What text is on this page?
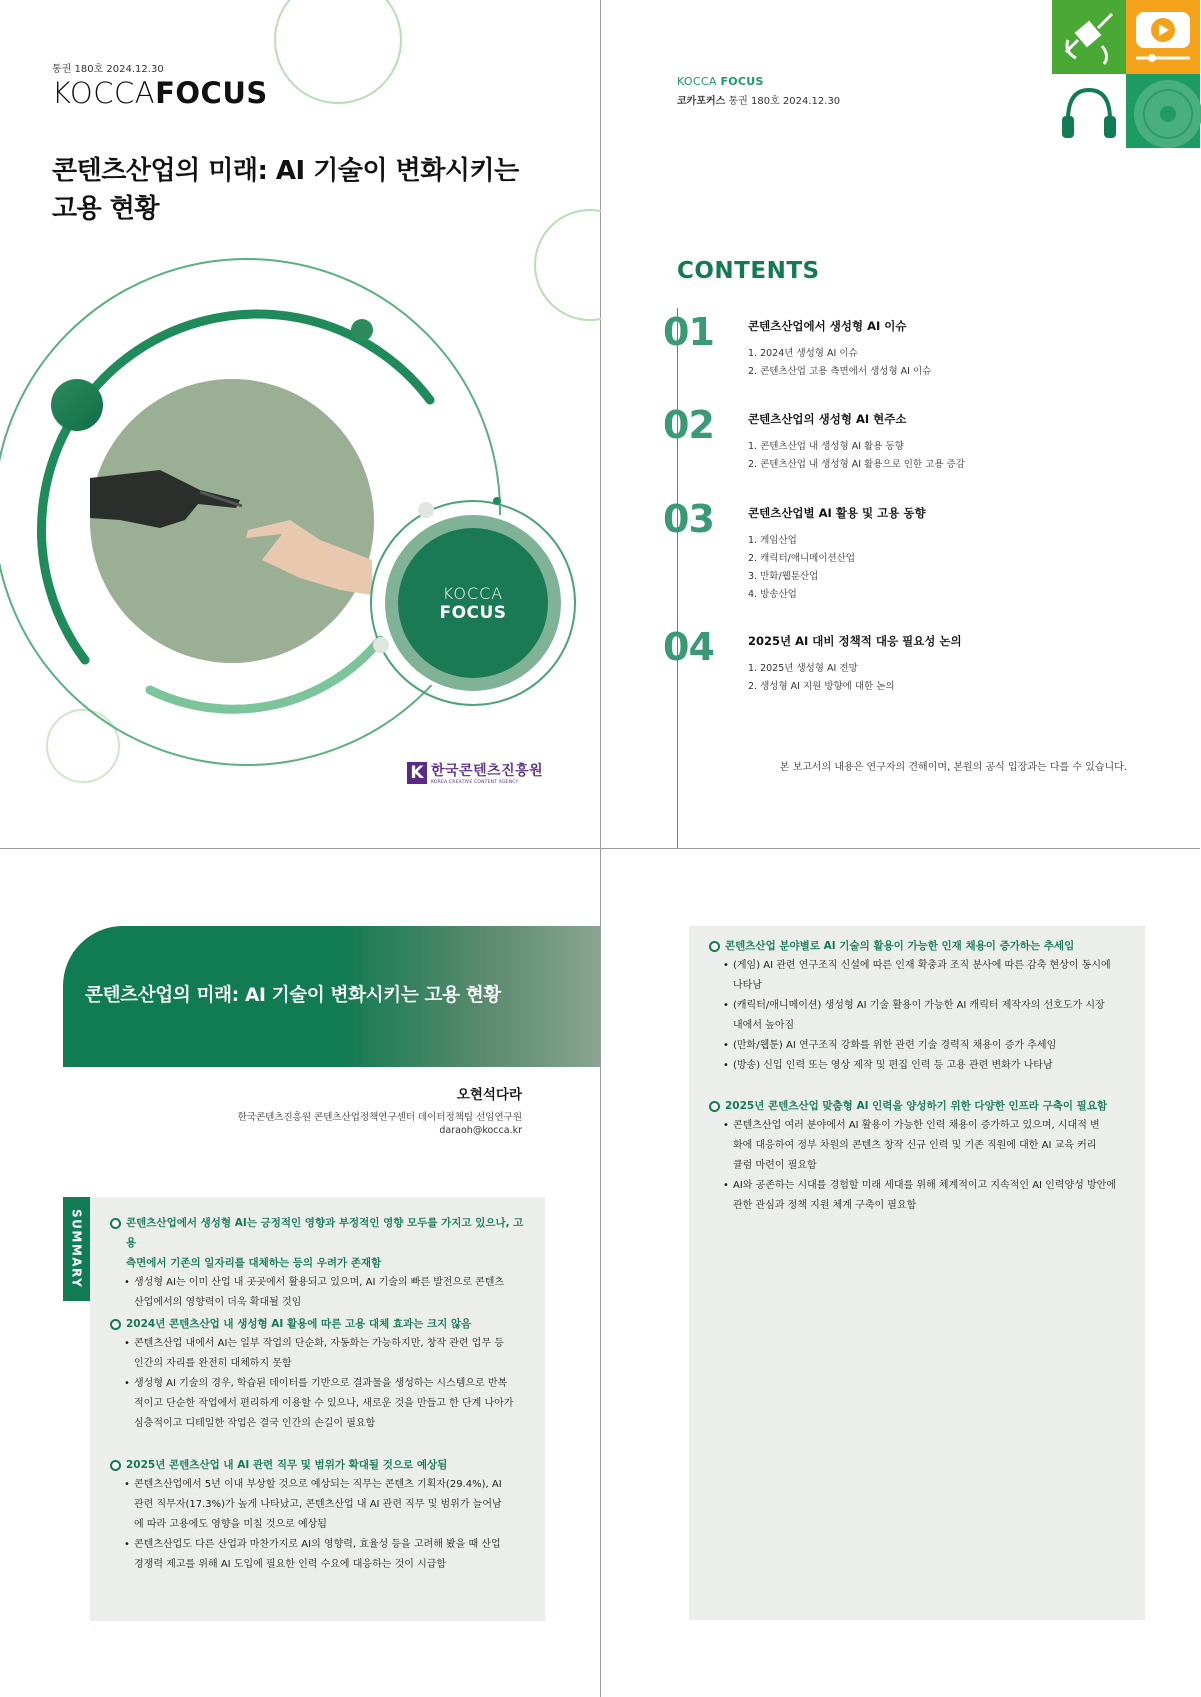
통권 180호 2024.12.30
KOCCAFOCUS
콘텐츠산업의 미래: AI 기술이 변화시키는
고용 현황
KOCCA
FOCUS
K 한국콘텐츠진흥원
KOREA CREATIVE CONTENT AGENCY
KOCCA FOCUS
코카포커스 통권 180호 2024.12.30
CONTENTS
01	콘텐츠산업에서 생성형 AI 이슈
1. 2024년 생성형 AI 이슈
2. 콘텐츠산업 고용 측면에서 생성형 AI 이슈
02	콘텐츠산업의 생성형 AI 현주소
1. 콘텐츠산업 내 생성형 AI 활용 동향
2. 콘텐츠산업 내 생성형 AI 활용으로 인한 고용 증감
03	콘텐츠산업별 AI 활용 및 고용 동향
1. 게임산업
2. 캐릭터/애니메이션산업
3. 만화/웹툰산업
4. 방송산업
04	2025년 AI 대비 정책적 대응 필요성 논의
1. 2025년 생성형 AI 전망
2. 생성형 AI 지원 방향에 대한 논의
본 보고서의 내용은 연구자의 견해이며, 본원의 공식 입장과는 다를 수 있습니다.
콘텐츠산업의 미래: AI 기술이 변화시키는 고용 현황
오현석다라
한국콘텐츠진흥원 콘텐츠산업정책연구센터 데이터정책팀 선임연구원
daraoh@kocca.kr
SUMMARY	콘텐츠산업에서 생성형 AI는 긍정적인 영향과 부정적인 영향 모두를 가지고 있으나, 고용
측면에서 기존의 일자리를 대체하는 등의 우려가 존재함
• 생성형 AI는 이미 산업 내 곳곳에서 활용되고 있으며, AI 기술의 빠른 발전으로 콘텐츠
산업에서의 영향력이 더욱 확대될 것임
2024년 콘텐츠산업 내 생성형 AI 활용에 따른 고용 대체 효과는 크지 않음
• 콘텐츠산업 내에서 AI는 일부 작업의 단순화, 자동화는 가능하지만, 창작 관련 업무 등
인간의 자리를 완전히 대체하지 못함
• 생성형 AI 기술의 경우, 학습된 데이터를 기반으로 결과물을 생성하는 시스템으로 반복
적이고 단순한 작업에서 편리하게 이용할 수 있으나, 새로운 것을 만들고 한 단계 나아가
심층적이고 디테일한 작업은 결국 인간의 손길이 필요함
2025년 콘텐츠산업 내 AI 관련 직무 및 범위가 확대될 것으로 예상됨
• 콘텐츠산업에서 5년 이내 부상할 것으로 예상되는 직무는 콘텐츠 기획자(29.4%), AI
관련 직무자(17.3%)가 높게 나타났고, 콘텐츠산업 내 AI 관련 직무 및 범위가 늘어남
에 따라 고용에도 영향을 미칠 것으로 예상됨
• 콘텐츠산업도 다른 산업과 마찬가지로 AI의 영향력, 효율성 등을 고려해 봤을 때 산업
경쟁력 제고를 위해 AI 도입에 필요한 인력 수요에 대응하는 것이 시급함
콘텐츠산업 분야별로 AI 기술의 활용이 가능한 인재 채용이 증가하는 추세임
• (게임) AI 관련 연구조직 신설에 따른 인재 확충과 조직 분사에 따른 감축 현상이 동시에
나타남
• (캐릭터/애니메이션) 생성형 AI 기술 활용이 가능한 AI 캐릭터 제작자의 선호도가 시장
내에서 높아짐
• (만화/웹툰) AI 연구조직 강화를 위한 관련 기술 경력직 채용이 증가 추세임
• (방송) 신입 인력 또는 영상 제작 및 편집 인력 등 고용 관련 변화가 나타남
2025년 콘텐츠산업 맞춤형 AI 인력을 양성하기 위한 다양한 인프라 구축이 필요함
• 콘텐츠산업 여러 분야에서 AI 활용이 가능한 인력 채용이 증가하고 있으며, 시대적 변
화에 대응하여 정부 차원의 콘텐츠 창작 신규 인력 및 기존 직원에 대한 AI 교육 커리
큘럼 마련이 필요함
• AI와 공존하는 시대를 경험할 미래 세대를 위해 체계적이고 지속적인 AI 인력양성 방안에
관한 관심과 정책 지원 체계 구축이 필요함
